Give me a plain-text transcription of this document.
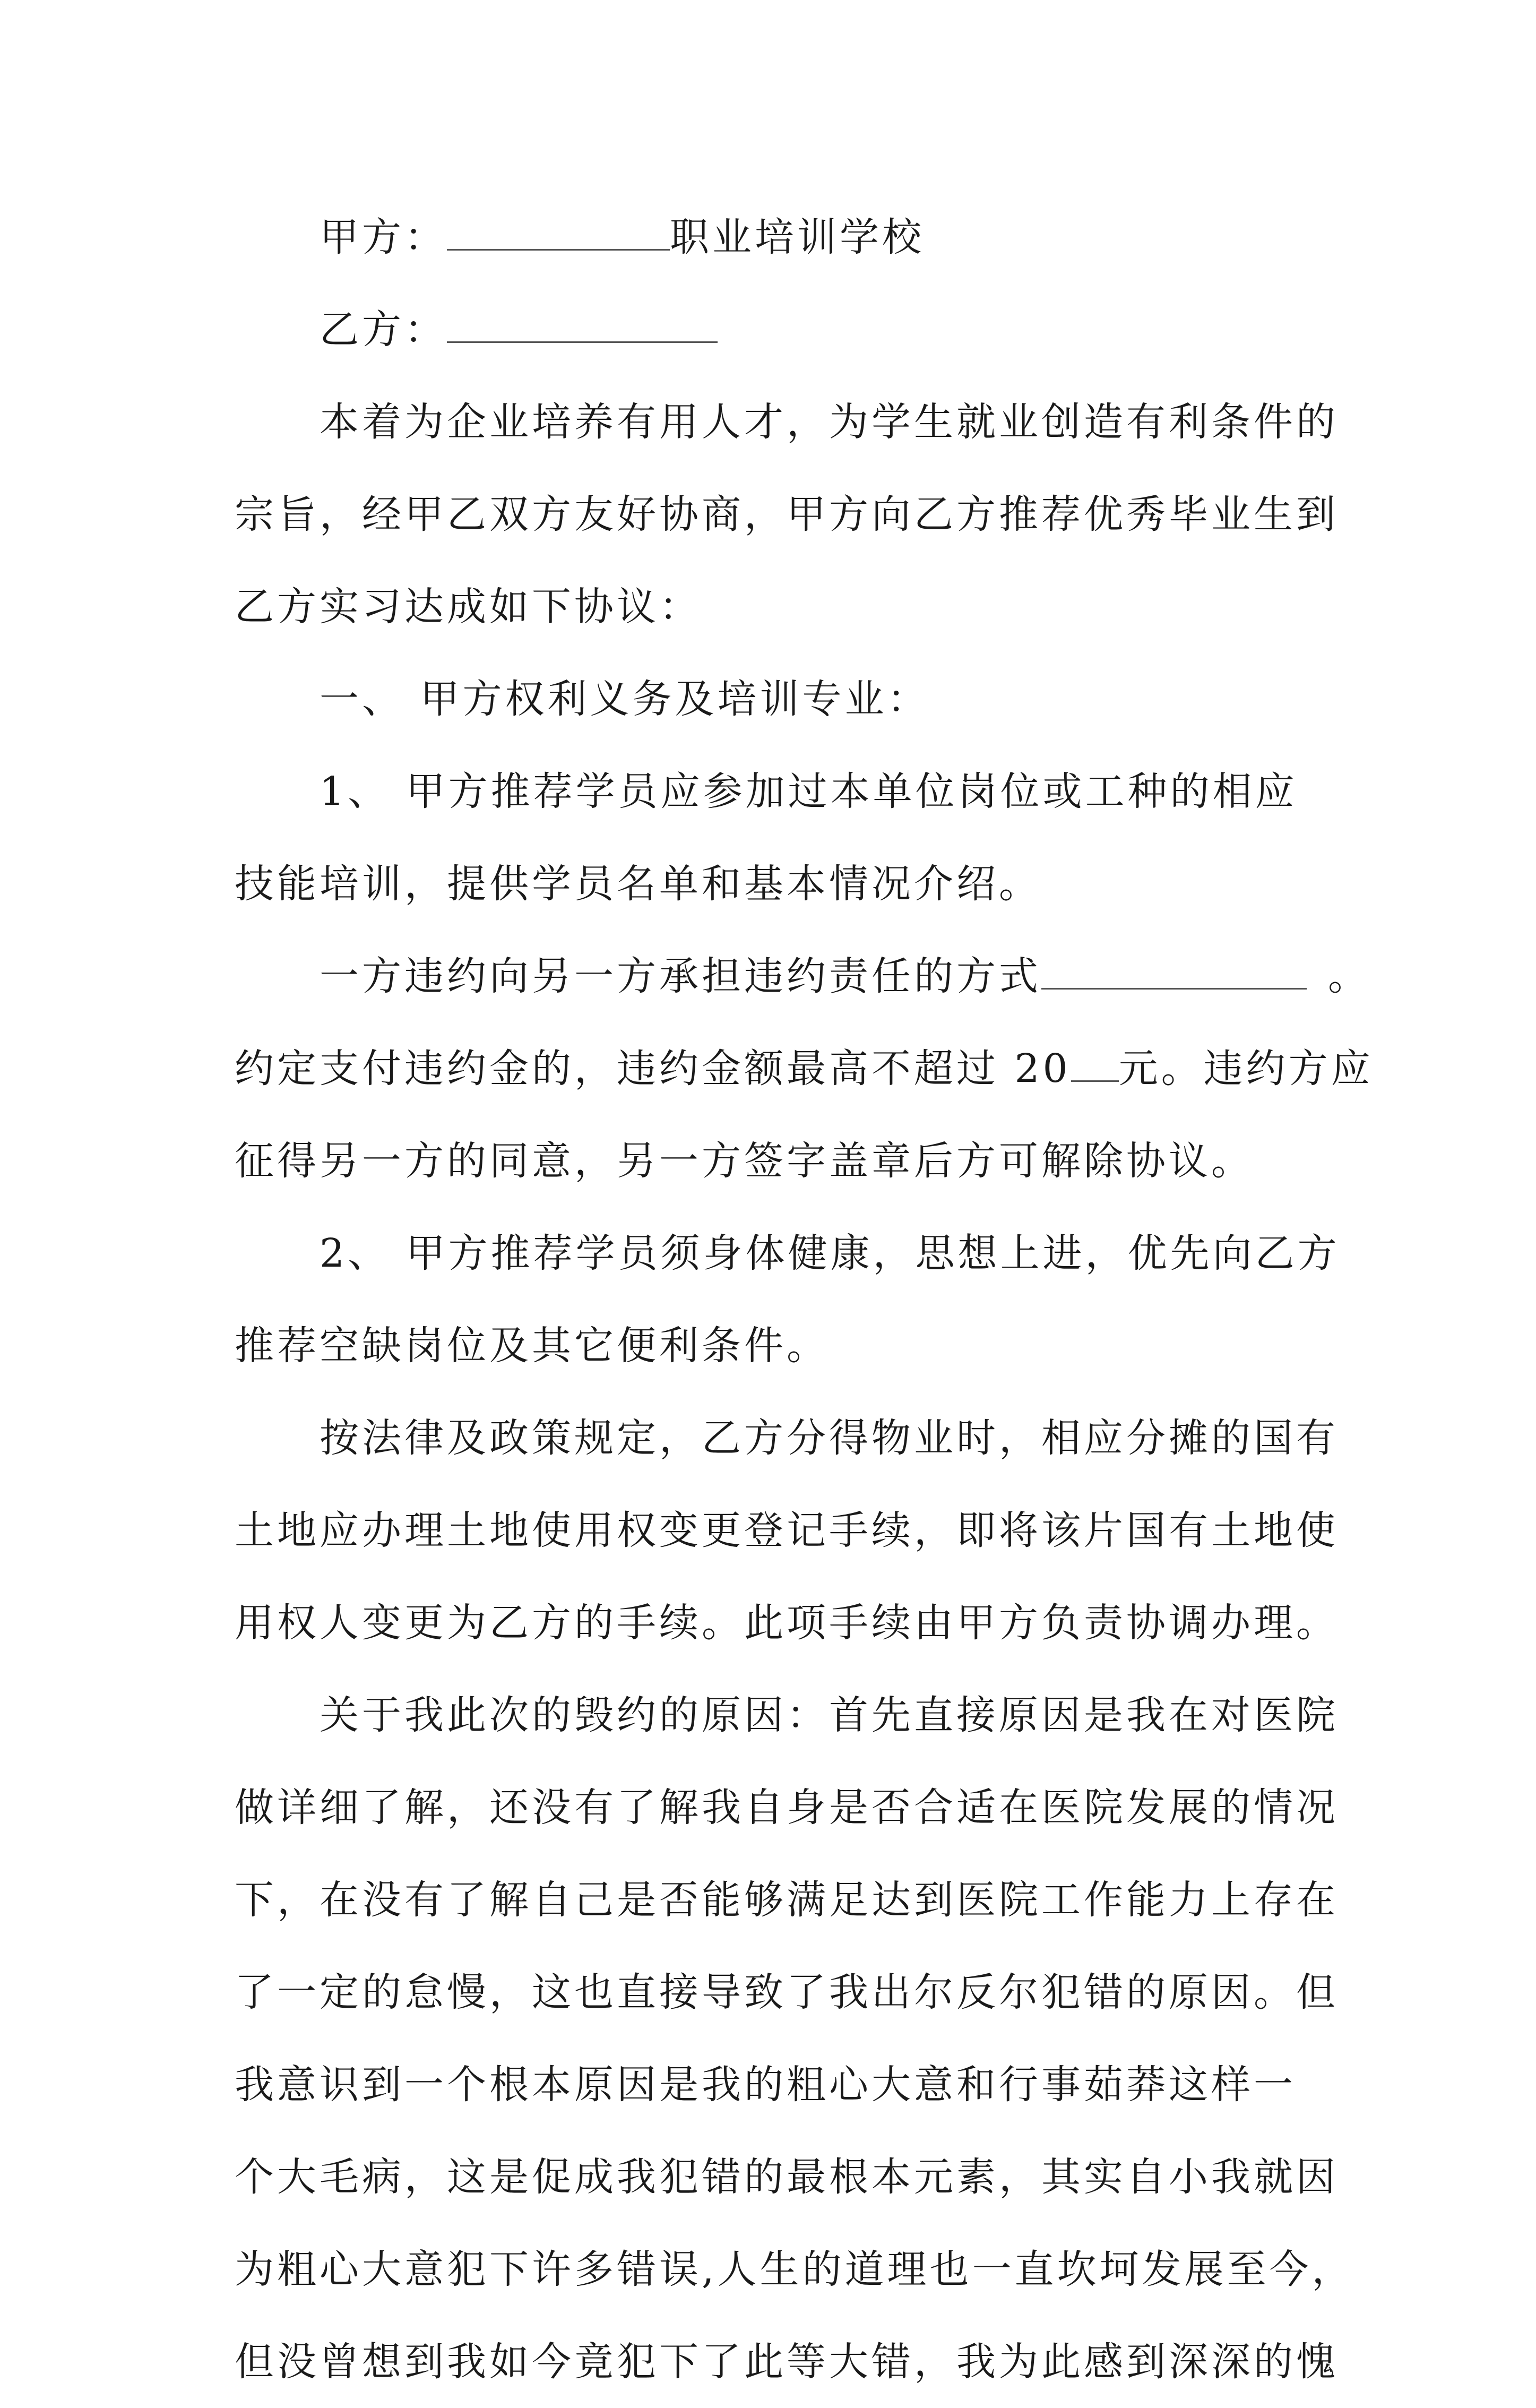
甲方：	职业培训学校
乙方：
本着为企业培养有用人才，为学生就业创造有利条件的
宗旨，经甲乙双方友好协商，甲方向乙方推荐优秀毕业生到
乙方实习达成如下协议：
一、 甲方权利义务及培训专业：
1、 甲方推荐学员应参加过本单位岗位或工种的相应
技能培训，提供学员名单和基本情况介绍。
一方违约向另一方承担违约责任的方式	。
约定支付违约金的，违约金额最高不超过 20 元。违约方应
征得另一方的同意，另一方签字盖章后方可解除协议。
2、 甲方推荐学员须身体健康，思想上进，优先向乙方
推荐空缺岗位及其它便利条件。
按法律及政策规定，乙方分得物业时，相应分摊的国有
土地应办理土地使用权变更登记手续，即将该片国有土地使
用权人变更为乙方的手续。此项手续由甲方负责协调办理。
关于我此次的毁约的原因：首先直接原因是我在对医院
做详细了解，还没有了解我自身是否合适在医院发展的情况
下，在没有了解自己是否能够满足达到医院工作能力上存在
了一定的怠慢，这也直接导致了我出尔反尔犯错的原因。但
我意识到一个根本原因是我的粗心大意和行事茹莽这样一
个大毛病，这是促成我犯错的最根本元素，其实自小我就因
为粗心大意犯下许多错误,人生的道理也一直坎坷发展至今，
但没曾想到我如今竟犯下了此等大错，我为此感到深深的愧
